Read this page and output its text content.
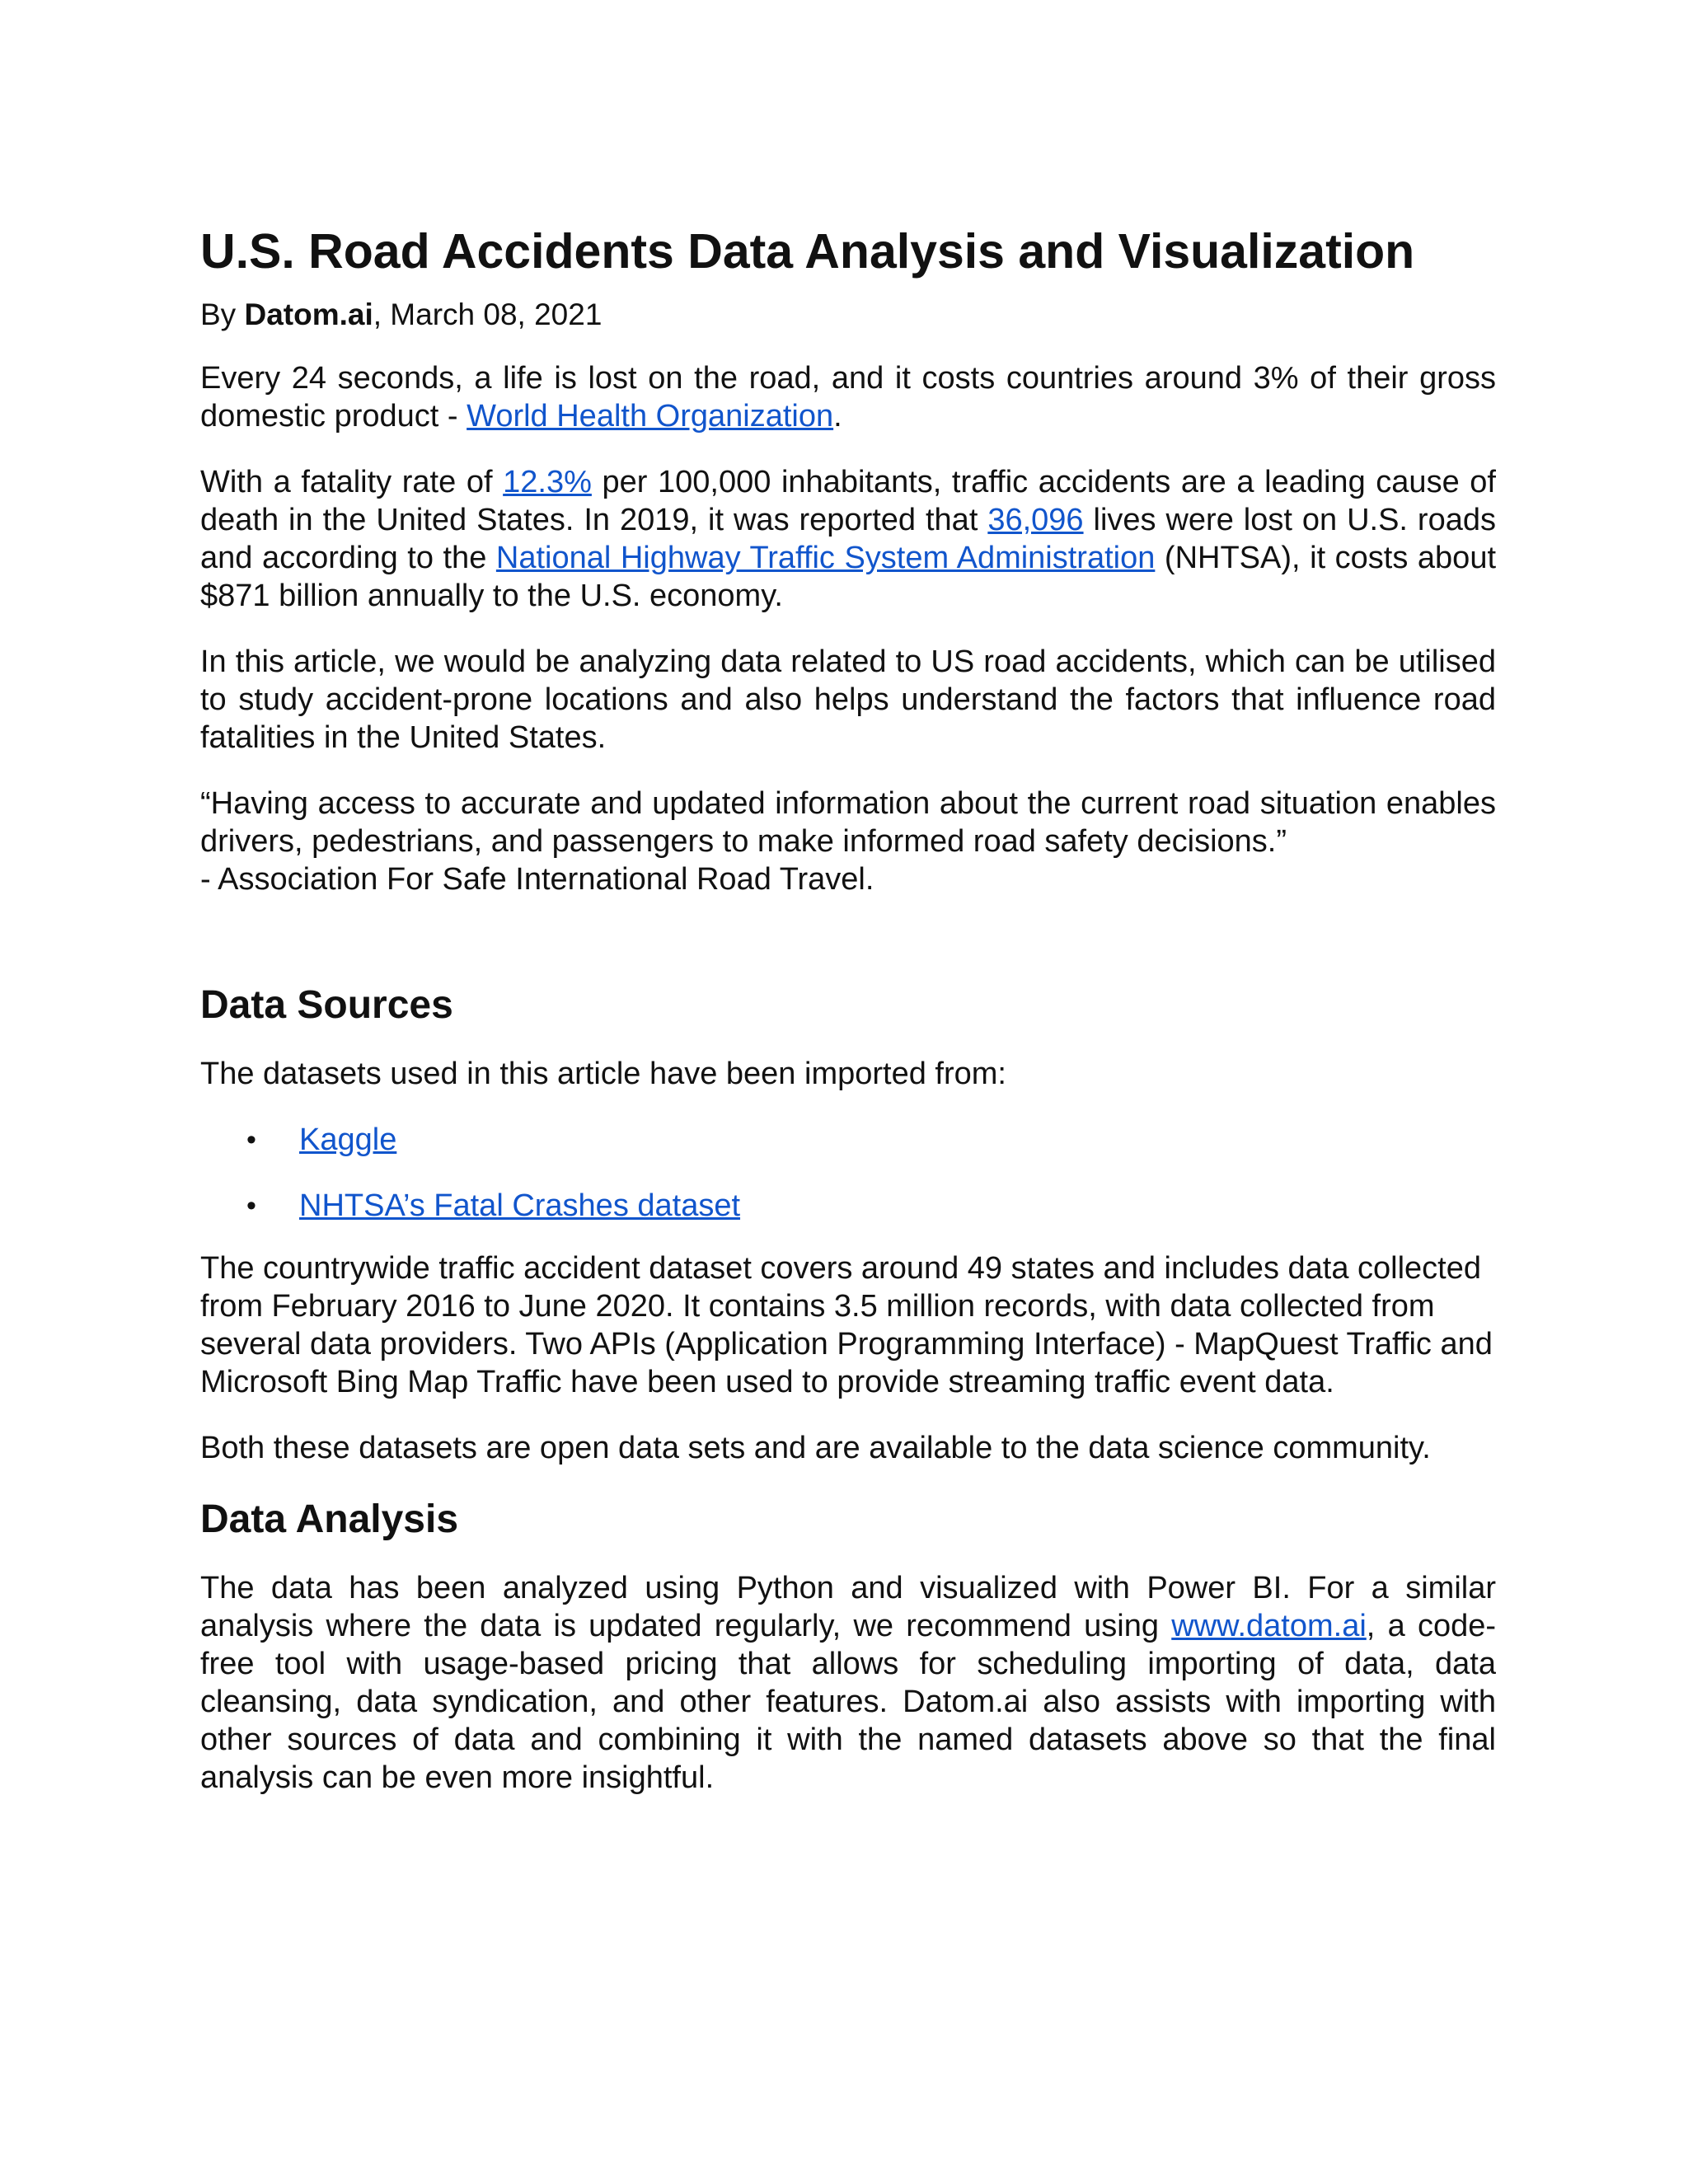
U.S. Road Accidents Data Analysis and Visualization
By Datom.ai, March 08, 2021

Every 24 seconds, a life is lost on the road, and it costs countries around 3% of their gross domestic product - World Health Organization.

With a fatality rate of 12.3% per 100,000 inhabitants, traffic accidents are a leading cause of death in the United States. In 2019, it was reported that 36,096 lives were lost on U.S. roads and according to the National Highway Traffic System Administration (NHTSA), it costs about $871 billion annually to the U.S. economy.

In this article, we would be analyzing data related to US road accidents, which can be utilised to study accident-prone locations and also helps understand the factors that influence road fatalities in the United States.

“Having access to accurate and updated information about the current road situation enables drivers, pedestrians, and passengers to make informed road safety decisions.”
- Association For Safe International Road Travel.

Data Sources

The datasets used in this article have been imported from:

• Kaggle
• NHTSA’s Fatal Crashes dataset

The countrywide traffic accident dataset covers around 49 states and includes data collected from February 2016 to June 2020. It contains 3.5 million records, with data collected from several data providers. Two APIs (Application Programming Interface) - MapQuest Traffic and Microsoft Bing Map Traffic have been used to provide streaming traffic event data.

Both these datasets are open data sets and are available to the data science community.

Data Analysis

The data has been analyzed using Python and visualized with Power BI. For a similar analysis where the data is updated regularly, we recommend using www.datom.ai, a code-free tool with usage-based pricing that allows for scheduling importing of data, data cleansing, data syndication, and other features. Datom.ai also assists with importing with other sources of data and combining it with the named datasets above so that the final analysis can be even more insightful.
